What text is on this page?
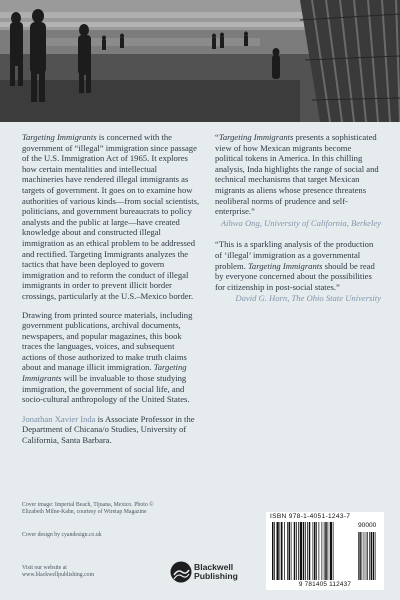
Targeting Immigrants is concerned with the government of “illegal” immigration since passage of the U.S. Immigration Act of 1965. It explores how certain mentalities and intellectual machineries have rendered illegal immigrants as targets of government. It goes on to examine how authorities of various kinds—from social scientists, politicians, and government bureaucrats to policy analysts and the public at large—have created knowledge about and constructed illegal immigration as an ethical problem to be addressed and rectified. Targeting Immigrants analyzes the tactics that have been deployed to govern immigration and to reform the conduct of illegal immigrants in order to prevent illicit border crossings, particularly at the U.S.–Mexico border.

Drawing from printed source materials, including government publications, archival documents, newspapers, and popular magazines, this book traces the languages, voices, and subsequent actions of those authorized to make truth claims about and manage illicit immigration. Targeting Immigrants will be invaluable to those studying immigration, the government of social life, and socio-cultural anthropology of the United States.

Jonathan Xavier Inda is Associate Professor in the Department of Chicana/o Studies, University of California, Santa Barbara.

“Targeting Immigrants presents a sophisticated view of how Mexican migrants become political tokens in America. In this chilling analysis, Inda highlights the range of social and technical mechanisms that target Mexican migrants as aliens whose presence threatens neoliberal norms of prudence and self-enterprise.”

Aihwa Ong, University of California, Berkeley

“This is a sparkling analysis of the production of ‘illegal’ immigration as a governmental problem. Targeting Immigrants should be read by everyone concerned about the possibilities for citizenship in post-social states.”

David G. Horn, The Ohio State University

Cover image: Imperial Beach, Tijuana, Mexico. Photo © Elizabeth Milne-Kahn, courtesy of Wiretap Magazine

Cover design by cyandesign.co.uk

Visit our website at
www.blackwellpublishing.com
Blackwell
Publishing
ISBN 978-1-4051-1243-7
90000
9 781405 112437
